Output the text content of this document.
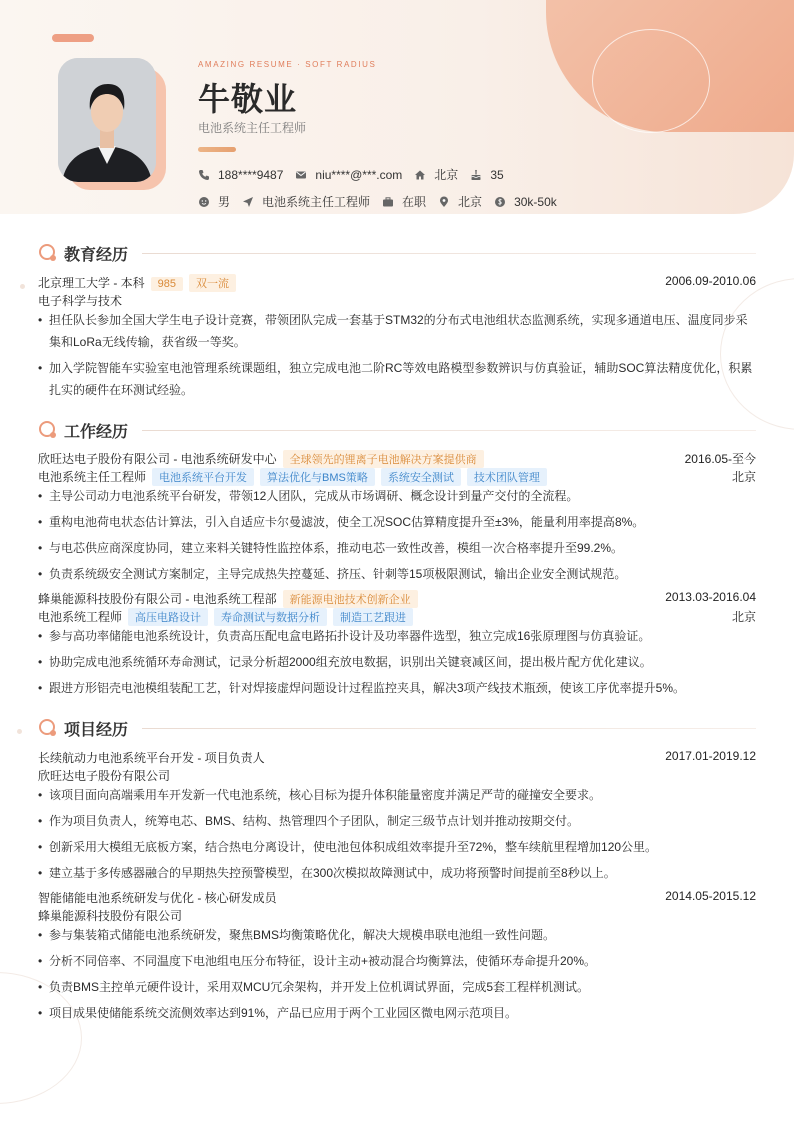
AMAZING RESUME · SOFT RADIUS
牛敬业
电池系统主任工程师
188****9487	niu****@***.com	北京	35
男	电池系统主任工程师	在职	北京	30k-50k
教育经历
北京理工大学 - 本科 985 双一流	2006.09-2010.06
电子科学与技术
• 担任队长参加全国大学生电子设计竞赛，带领团队完成一套基于STM32的分布式电池组状态监测系统，实现多通道电压、温度同步采
集和LoRa无线传输，获省级一等奖。
• 加入学院智能车实验室电池管理系统课题组，独立完成电池二阶RC等效电路模型参数辨识与仿真验证，辅助SOC算法精度优化，积累
扎实的硬件在环测试经验。
工作经历
欣旺达电子股份有限公司 - 电池系统研发中心 全球领先的锂离子电池解决方案提供商	2016.05-至今
电池系统主任工程师 电池系统平台开发 算法优化与BMS策略 系统安全测试 技术团队管理	北京
• 主导公司动力电池系统平台研发，带领12人团队，完成从市场调研、概念设计到量产交付的全流程。
• 重构电池荷电状态估计算法，引入自适应卡尔曼滤波，使全工况SOC估算精度提升至±3%，能量利用率提高8%。
• 与电芯供应商深度协同，建立来料关键特性监控体系，推动电芯一致性改善，模组一次合格率提升至99.2%。
• 负责系统级安全测试方案制定，主导完成热失控蔓延、挤压、针刺等15项极限测试，输出企业安全测试规范。
蜂巢能源科技股份有限公司 - 电池系统工程部 新能源电池技术创新企业	2013.03-2016.04
电池系统工程师 高压电路设计 寿命测试与数据分析 制造工艺跟进	北京
• 参与高功率储能电池系统设计，负责高压配电盒电路拓扑设计及功率器件选型，独立完成16张原理图与仿真验证。
• 协助完成电池系统循环寿命测试，记录分析超2000组充放电数据，识别出关键衰减区间，提出极片配方优化建议。
• 跟进方形铝壳电池模组装配工艺，针对焊接虚焊问题设计过程监控夹具，解决3项产线技术瓶颈，使该工序优率提升5%。
项目经历
长续航动力电池系统平台开发 - 项目负责人	2017.01-2019.12
欣旺达电子股份有限公司
• 该项目面向高端乘用车开发新一代电池系统，核心目标为提升体积能量密度并满足严苛的碰撞安全要求。
• 作为项目负责人，统筹电芯、BMS、结构、热管理四个子团队，制定三级节点计划并推动按期交付。
• 创新采用大模组无底板方案，结合热电分离设计，使电池包体积成组效率提升至72%，整车续航里程增加120公里。
• 建立基于多传感器融合的早期热失控预警模型，在300次模拟故障测试中，成功将预警时间提前至8秒以上。
智能储能电池系统研发与优化 - 核心研发成员	2014.05-2015.12
蜂巢能源科技股份有限公司
• 参与集装箱式储能电池系统研发，聚焦BMS均衡策略优化，解决大规模串联电池组一致性问题。
• 分析不同倍率、不同温度下电池组电压分布特征，设计主动+被动混合均衡算法，使循环寿命提升20%。
• 负责BMS主控单元硬件设计，采用双MCU冗余架构，并开发上位机调试界面，完成5套工程样机测试。
• 项目成果使储能系统交流侧效率达到91%，产品已应用于两个工业园区微电网示范项目。
